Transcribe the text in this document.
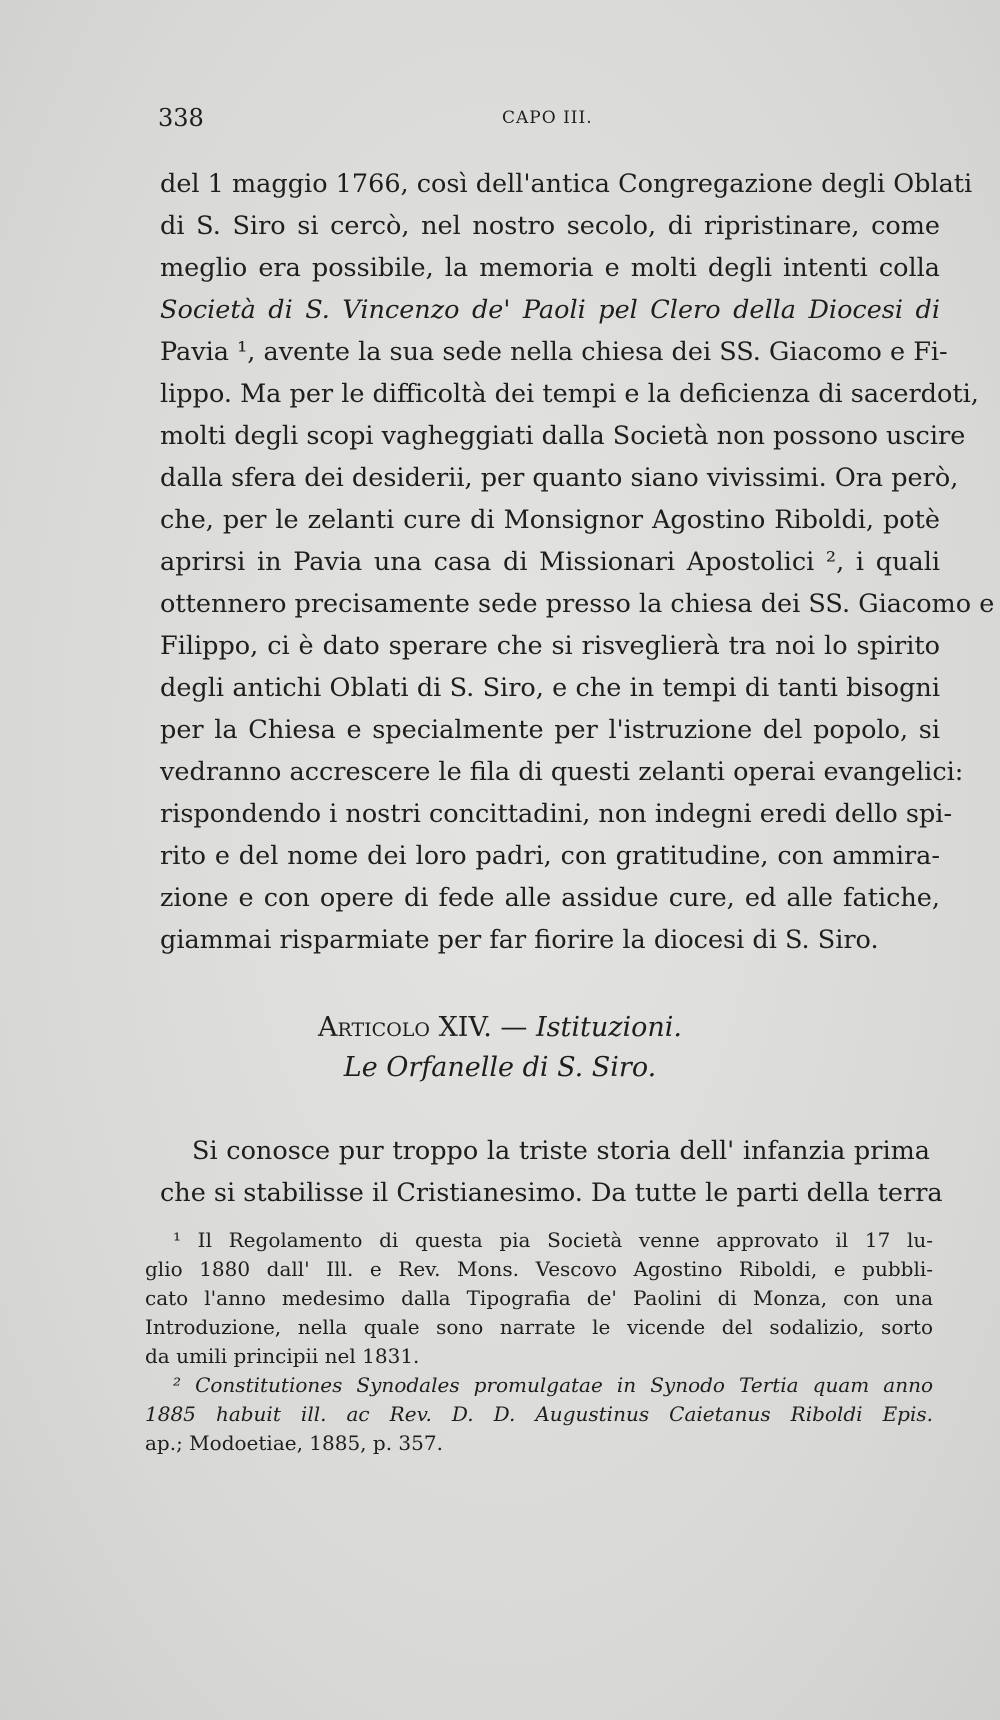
338	CAPO III.
del 1 maggio 1766, così dell'antica Congregazione degli Oblati
di S. Siro si cercò, nel nostro secolo, di ripristinare, come
meglio era possibile, la memoria e molti degli intenti colla
Società di S. Vincenzo de' Paoli pel Clero della Diocesi di
Pavia ¹, avente la sua sede nella chiesa dei SS. Giacomo e Fi-
lippo. Ma per le difficoltà dei tempi e la deficienza di sacerdoti,
molti degli scopi vagheggiati dalla Società non possono uscire
dalla sfera dei desiderii, per quanto siano vivissimi. Ora però,
che, per le zelanti cure di Monsignor Agostino Riboldi, potè
aprirsi in Pavia una casa di Missionari Apostolici ², i quali
ottennero precisamente sede presso la chiesa dei SS. Giacomo e
Filippo, ci è dato sperare che si risveglierà tra noi lo spirito
degli antichi Oblati di S. Siro, e che in tempi di tanti bisogni
per la Chiesa e specialmente per l'istruzione del popolo, si
vedranno accrescere le fila di questi zelanti operai evangelici:
rispondendo i nostri concittadini, non indegni eredi dello spi-
rito e del nome dei loro padri, con gratitudine, con ammira-
zione e con opere di fede alle assidue cure, ed alle fatiche,
giammai risparmiate per far fiorire la diocesi di S. Siro.
Articolo XIV. — Istituzioni.
Le Orfanelle di S. Siro.
Si conosce pur troppo la triste storia dell' infanzia prima
che si stabilisse il Cristianesimo. Da tutte le parti della terra
¹ Il Regolamento di questa pia Società venne approvato il 17 lu-
glio 1880 dall' Ill. e Rev. Mons. Vescovo Agostino Riboldi, e pubbli-
cato l'anno medesimo dalla Tipografia de' Paolini di Monza, con una
Introduzione, nella quale sono narrate le vicende del sodalizio, sorto
da umili principii nel 1831.
² Constitutiones Synodales promulgatae in Synodo Tertia quam anno
1885 habuit ill. ac Rev. D. D. Augustinus Caietanus Riboldi Epis.
ap.; Modoetiae, 1885, p. 357.
